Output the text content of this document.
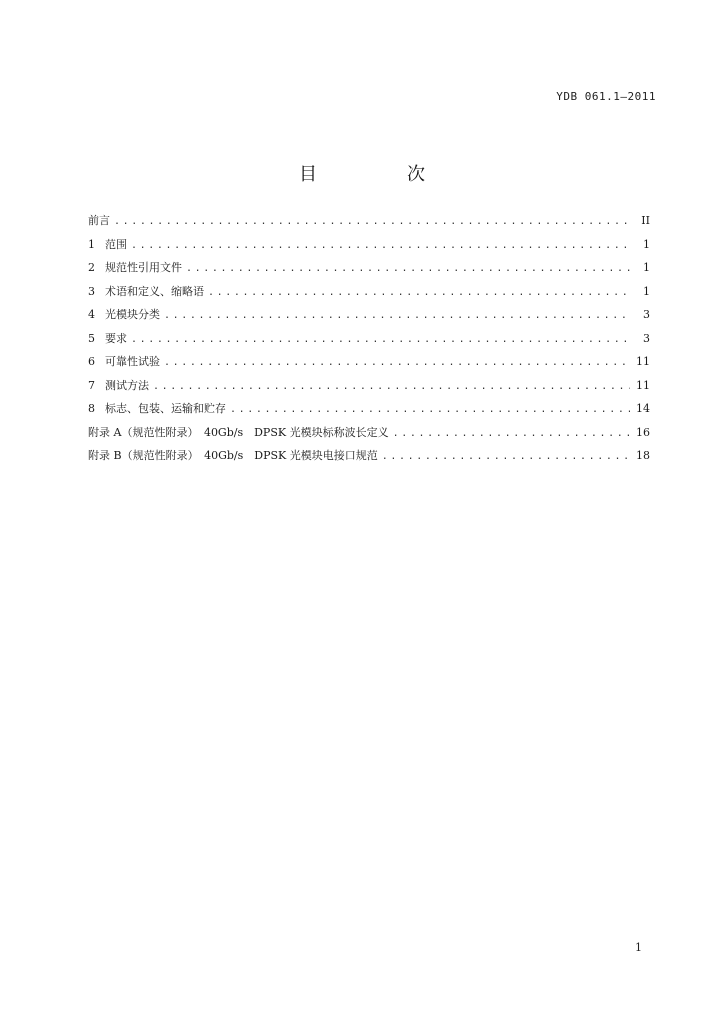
YDB 061.1—2011
目　次
前言 .....	II
1 范围 .....	1
2 规范性引用文件 .....	1
3 术语和定义、缩略语 .....	1
4 光模块分类 .....	3
5 要求 .....	3
6 可靠性试验 .....	11
7 测试方法 .....	11
8 标志、包装、运输和贮存 .....	14
附录 A（规范性附录）　40Gb/s　DPSK 光模块标称波长定义 .....	16
附录 B（规范性附录）　40Gb/s　DPSK 光模块电接口规范 .....	18
1
